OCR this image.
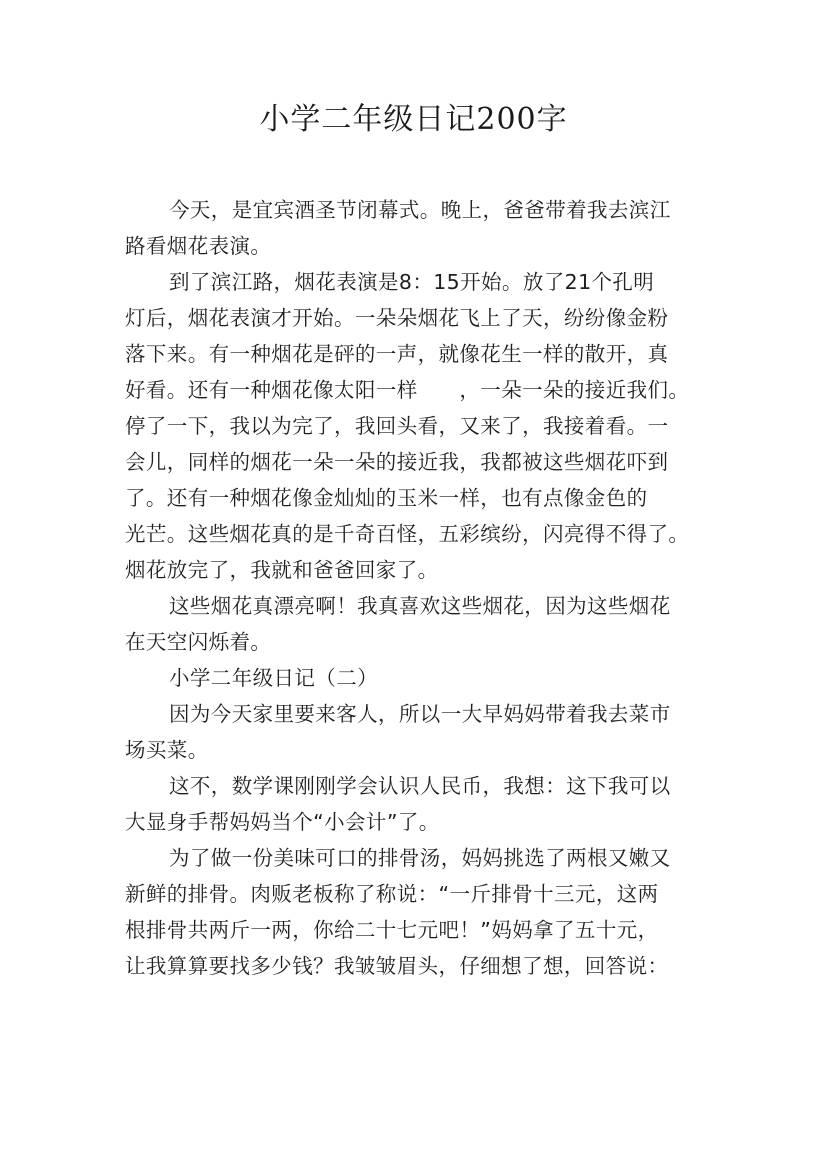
小学二年级日记200字
今天，是宜宾酒圣节闭幕式。晚上，爸爸带着我去滨江
路看烟花表演。
到了滨江路，烟花表演是8：15开始。放了21个孔明
灯后，烟花表演才开始。一朵朵烟花飞上了天，纷纷像金粉
落下来。有一种烟花是砰的一声，就像花生一样的散开，真
好看。还有一种烟花像太阳一样　　，一朵一朵的接近我们。
停了一下，我以为完了，我回头看，又来了，我接着看。一
会儿，同样的烟花一朵一朵的接近我，我都被这些烟花吓到
了。还有一种烟花像金灿灿的玉米一样，也有点像金色的
光芒。这些烟花真的是千奇百怪，五彩缤纷，闪亮得不得了。
烟花放完了，我就和爸爸回家了。
这些烟花真漂亮啊！我真喜欢这些烟花，因为这些烟花
在天空闪烁着。
小学二年级日记（二）
因为今天家里要来客人，所以一大早妈妈带着我去菜市
场买菜。
这不，数学课刚刚学会认识人民币，我想：这下我可以
大显身手帮妈妈当个“小会计”了。
为了做一份美味可口的排骨汤，妈妈挑选了两根又嫩又
新鲜的排骨。肉贩老板称了称说：“一斤排骨十三元，这两
根排骨共两斤一两，你给二十七元吧！”妈妈拿了五十元，
让我算算要找多少钱？我皱皱眉头，仔细想了想，回答说：
